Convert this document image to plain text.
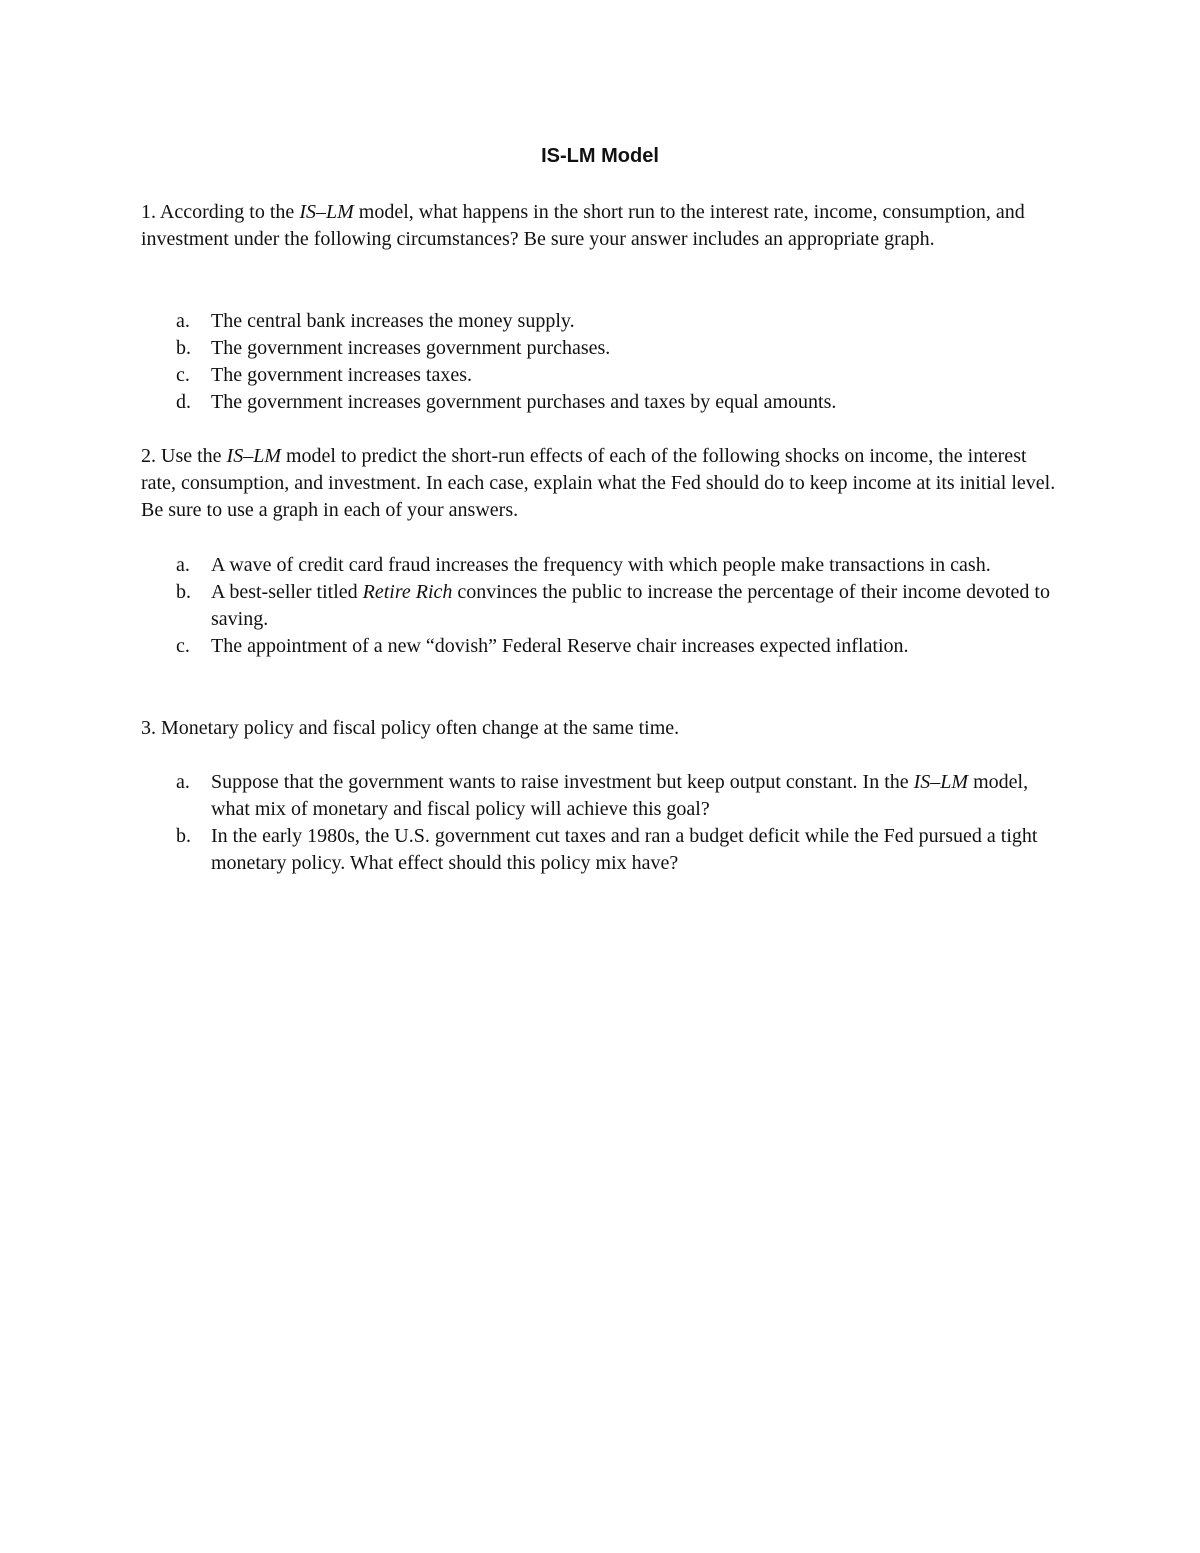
IS-LM Model

1. According to the IS–LM model, what happens in the short run to the interest rate, income, consumption, and investment under the following circumstances? Be sure your answer includes an appropriate graph.

a. The central bank increases the money supply.
b. The government increases government purchases.
c. The government increases taxes.
d. The government increases government purchases and taxes by equal amounts.

2. Use the IS–LM model to predict the short-run effects of each of the following shocks on income, the interest rate, consumption, and investment. In each case, explain what the Fed should do to keep income at its initial level. Be sure to use a graph in each of your answers.

a. A wave of credit card fraud increases the frequency with which people make transactions in cash.
b. A best-seller titled Retire Rich convinces the public to increase the percentage of their income devoted to saving.
c. The appointment of a new “dovish” Federal Reserve chair increases expected inflation.

3. Monetary policy and fiscal policy often change at the same time.

a. Suppose that the government wants to raise investment but keep output constant. In the IS–LM model, what mix of monetary and fiscal policy will achieve this goal?
b. In the early 1980s, the U.S. government cut taxes and ran a budget deficit while the Fed pursued a tight monetary policy. What effect should this policy mix have?
